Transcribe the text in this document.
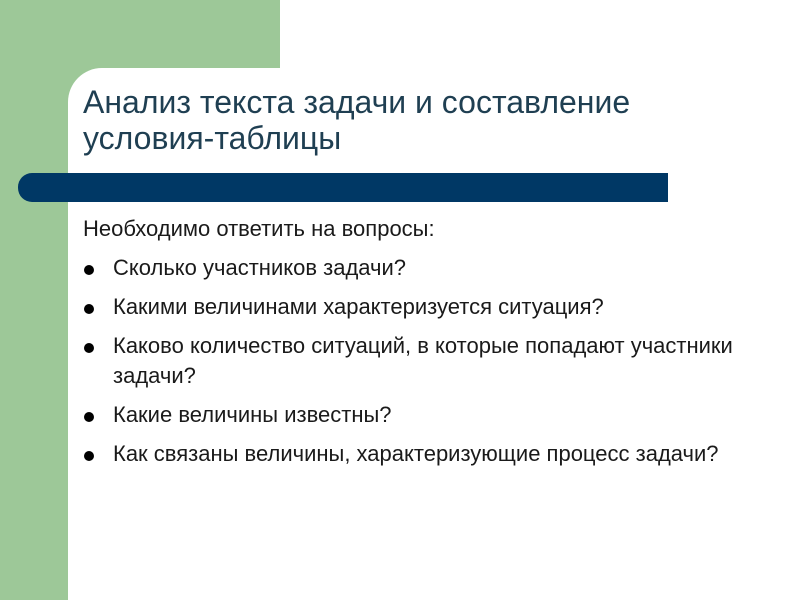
Анализ текста задачи и составление условия-таблицы

Необходимо ответить на вопросы:

Сколько участников задачи?
Какими величинами характеризуется ситуация?
Каково количество ситуаций, в которые попадают участники задачи?
Какие величины известны?
Как связаны величины, характеризующие процесс задачи?
